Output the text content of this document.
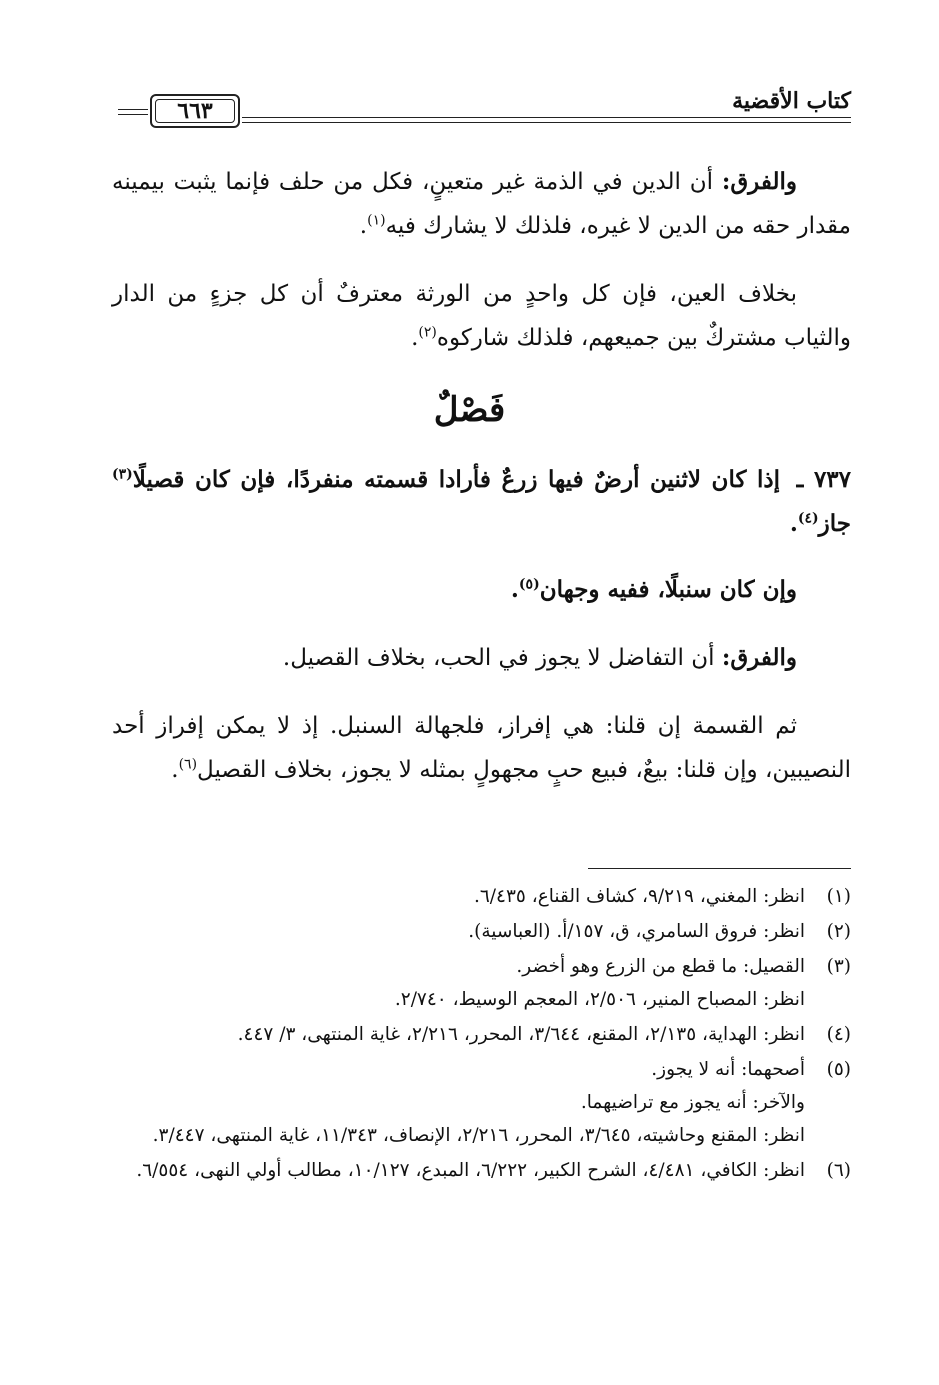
كتاب الأقضية
٦٦٣

والفرق: أن الدين في الذمة غير متعينٍ، فكل من حلف فإنما يثبت بيمينه مقدار حقه من الدين لا غيره، فلذلك لا يشارك فيه$^{(١)}$.

بخلاف العين، فإن كل واحدٍ من الورثة معترفٌ أن كل جزءٍ من الدار والثياب مشتركٌ بين جميعهم، فلذلك شاركوه$^{(٢)}$.

فَصْلٌ

٧٣٧ ـ إذا كان لاثنين أرضٌ فيها زرعٌ فأرادا قسمته منفردًا، فإن كان قصيلًا$^{(٣)}$ جاز$^{(٤)}$.

وإن كان سنبلًا، ففيه وجهان$^{(٥)}$.

والفرق: أن التفاضل لا يجوز في الحب، بخلاف القصيل.

ثم القسمة إن قلنا: هي إفراز، فلجهالة السنبل. إذ لا يمكن إفراز أحد النصيبين، وإن قلنا: بيعٌ، فبيع حبٍ مجهولٍ بمثله لا يجوز، بخلاف القصيل$^{(٦)}$.

(١)
انظر: المغني، ٩/٢١٩، كشاف القناع، ٦/٤٣٥.
(٢)
انظر: فروق السامري، ق، ١٥٧/أ. (العباسية).
(٣)
القصيل: ما قطع من الزرع وهو أخضر.
انظر: المصباح المنير، ٢/٥٠٦، المعجم الوسيط، ٢/٧٤٠.
(٤)
انظر: الهداية، ٢/١٣٥، المقنع، ٣/٦٤٤، المحرر، ٢/٢١٦، غاية المنتهى، ٣/ ٤٤٧.
(٥)
أصحهما: أنه لا يجوز.
والآخر: أنه يجوز مع تراضيهما.
انظر: المقنع وحاشيته، ٣/٦٤٥، المحرر، ٢/٢١٦، الإنصاف، ١١/٣٤٣، غاية المنتهى، ٣/٤٤٧.
(٦)
انظر: الكافي، ٤/٤٨١، الشرح الكبير، ٦/٢٢٢، المبدع، ١٠/١٢٧، مطالب أولي النهى، ٦/٥٥٤.
